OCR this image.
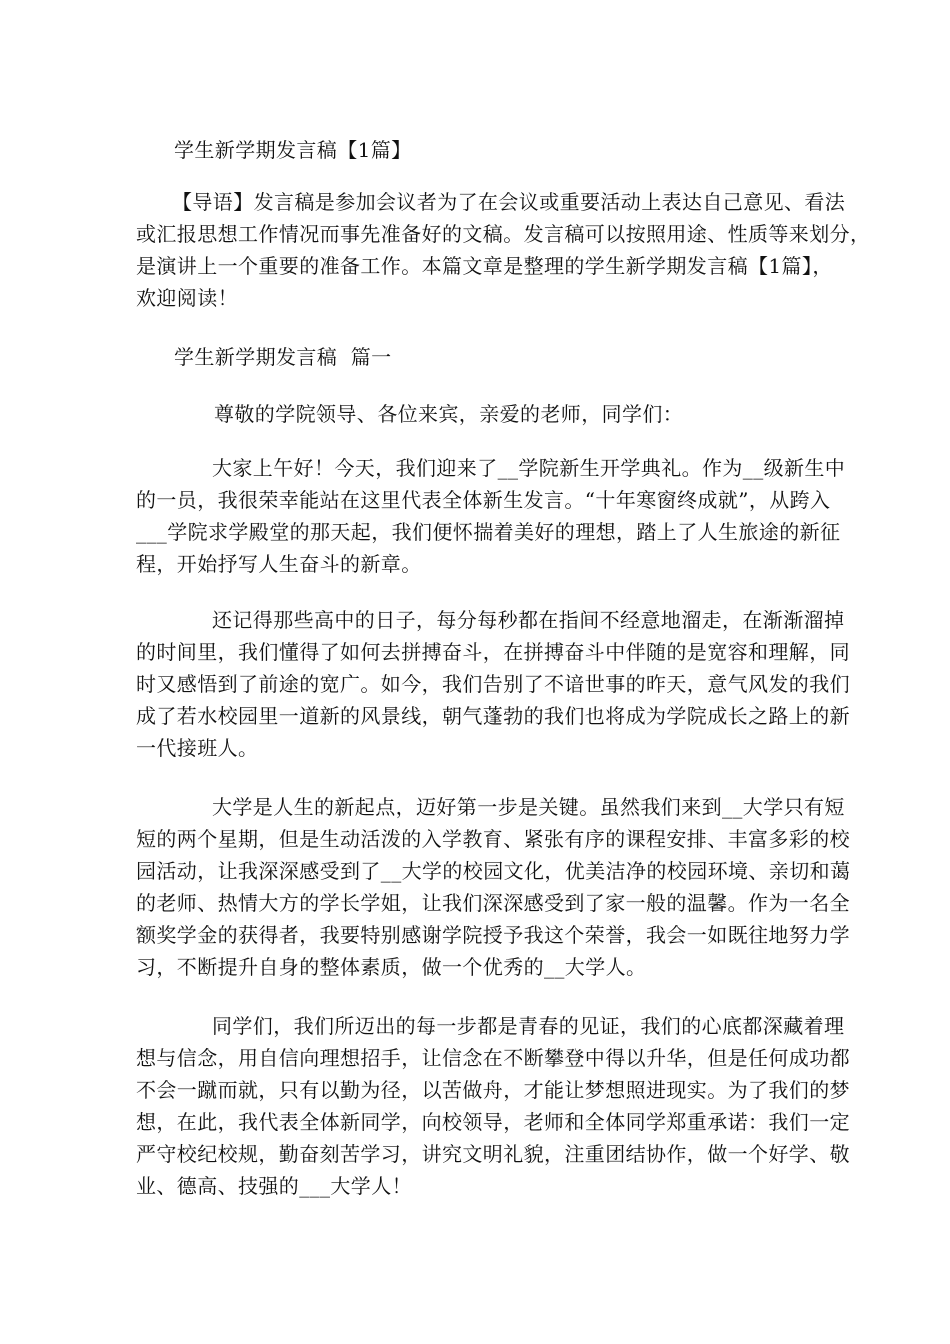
学生新学期发言稿【1篇】
【导语】发言稿是参加会议者为了在会议或重要活动上表达自己意见、看法
或汇报思想工作情况而事先准备好的文稿。发言稿可以按照用途、性质等来划分，
是演讲上一个重要的准备工作。本篇文章是整理的学生新学期发言稿【1篇】，
欢迎阅读！
学生新学期发言稿  篇一
尊敬的学院领导、各位来宾，亲爱的老师，同学们：
大家上午好！今天，我们迎来了__学院新生开学典礼。作为__级新生中
的一员，我很荣幸能站在这里代表全体新生发言。“十年寒窗终成就”，从跨入
___学院求学殿堂的那天起，我们便怀揣着美好的理想，踏上了人生旅途的新征
程，开始抒写人生奋斗的新章。
还记得那些高中的日子，每分每秒都在指间不经意地溜走，在渐渐溜掉
的时间里，我们懂得了如何去拼搏奋斗，在拼搏奋斗中伴随的是宽容和理解，同
时又感悟到了前途的宽广。如今，我们告别了不谙世事的昨天，意气风发的我们
成了若水校园里一道新的风景线，朝气蓬勃的我们也将成为学院成长之路上的新
一代接班人。
大学是人生的新起点，迈好第一步是关键。虽然我们来到__大学只有短
短的两个星期，但是生动活泼的入学教育、紧张有序的课程安排、丰富多彩的校
园活动，让我深深感受到了__大学的校园文化，优美洁净的校园环境、亲切和蔼
的老师、热情大方的学长学姐，让我们深深感受到了家一般的温馨。作为一名全
额奖学金的获得者，我要特别感谢学院授予我这个荣誉，我会一如既往地努力学
习，不断提升自身的整体素质，做一个优秀的__大学人。
同学们，我们所迈出的每一步都是青春的见证，我们的心底都深藏着理
想与信念，用自信向理想招手，让信念在不断攀登中得以升华，但是任何成功都
不会一蹴而就，只有以勤为径，以苦做舟，才能让梦想照进现实。为了我们的梦
想，在此，我代表全体新同学，向校领导，老师和全体同学郑重承诺：我们一定
严守校纪校规，勤奋刻苦学习，讲究文明礼貌，注重团结协作，做一个好学、敬
业、德高、技强的___大学人！
